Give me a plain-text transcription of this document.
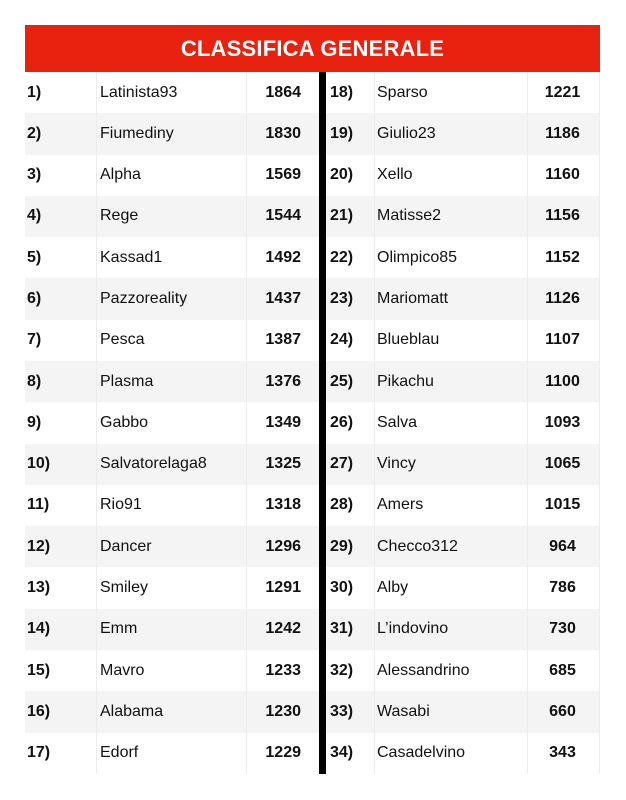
CLASSIFICA GENERALE
1)	Latinista93	1864
2)	Fiumediny	1830
3)	Alpha	1569
4)	Rege	1544
5)	Kassad1	1492
6)	Pazzoreality	1437
7)	Pesca	1387
8)	Plasma	1376
9)	Gabbo	1349
10)	Salvatorelaga8	1325
11)	Rio91	1318
12)	Dancer	1296
13)	Smiley	1291
14)	Emm	1242
15)	Mavro	1233
16)	Alabama	1230
17)	Edorf	1229
18)	Sparso	1221
19)	Giulio23	1186
20)	Xello	1160
21)	Matisse2	1156
22)	Olimpico85	1152
23)	Mariomatt	1126
24)	Blueblau	1107
25)	Pikachu	1100
26)	Salva	1093
27)	Vincy	1065
28)	Amers	1015
29)	Checco312	964
30)	Alby	786
31)	L’indovino	730
32)	Alessandrino	685
33)	Wasabi	660
34)	Casadelvino	343
